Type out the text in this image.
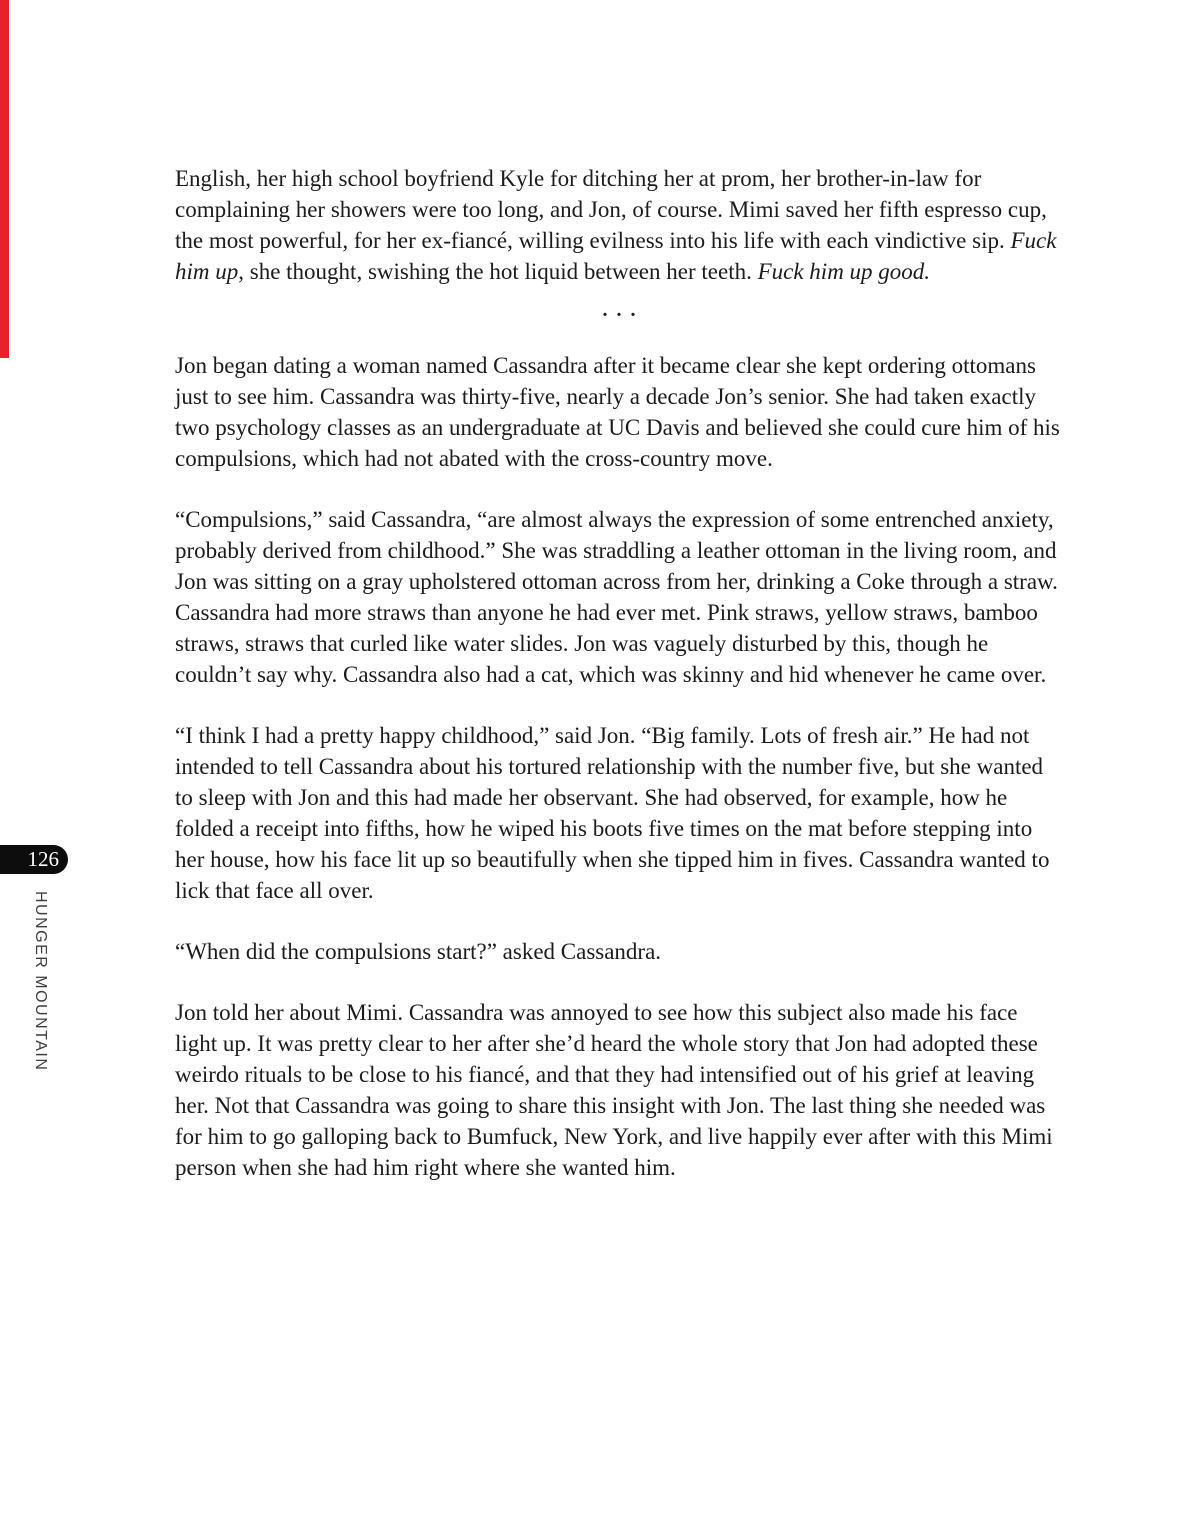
126
HUNGER MOUNTAIN

English, her high school boyfriend Kyle for ditching her at prom, her brother-in-law for complaining her showers were too long, and Jon, of course. Mimi saved her fifth espresso cup, the most powerful, for her ex-fiancé, willing evilness into his life with each vindictive sip. Fuck him up, she thought, swishing the hot liquid between her teeth. Fuck him up good.

. . .

Jon began dating a woman named Cassandra after it became clear she kept ordering ottomans just to see him. Cassandra was thirty-five, nearly a decade Jon’s senior. She had taken exactly two psychology classes as an undergraduate at UC Davis and believed she could cure him of his compulsions, which had not abated with the cross-country move.

“Compulsions,” said Cassandra, “are almost always the expression of some entrenched anxiety, probably derived from childhood.” She was straddling a leather ottoman in the living room, and Jon was sitting on a gray upholstered ottoman across from her, drinking a Coke through a straw. Cassandra had more straws than anyone he had ever met. Pink straws, yellow straws, bamboo straws, straws that curled like water slides. Jon was vaguely disturbed by this, though he couldn’t say why. Cassandra also had a cat, which was skinny and hid whenever he came over.

“I think I had a pretty happy childhood,” said Jon. “Big family. Lots of fresh air.” He had not intended to tell Cassandra about his tortured relationship with the number five, but she wanted to sleep with Jon and this had made her observant. She had observed, for example, how he folded a receipt into fifths, how he wiped his boots five times on the mat before stepping into her house, how his face lit up so beautifully when she tipped him in fives. Cassandra wanted to lick that face all over.

“When did the compulsions start?” asked Cassandra.

Jon told her about Mimi. Cassandra was annoyed to see how this subject also made his face light up. It was pretty clear to her after she’d heard the whole story that Jon had adopted these weirdo rituals to be close to his fiancé, and that they had intensified out of his grief at leaving her. Not that Cassandra was going to share this insight with Jon. The last thing she needed was for him to go galloping back to Bumfuck, New York, and live happily ever after with this Mimi person when she had him right where she wanted him.
